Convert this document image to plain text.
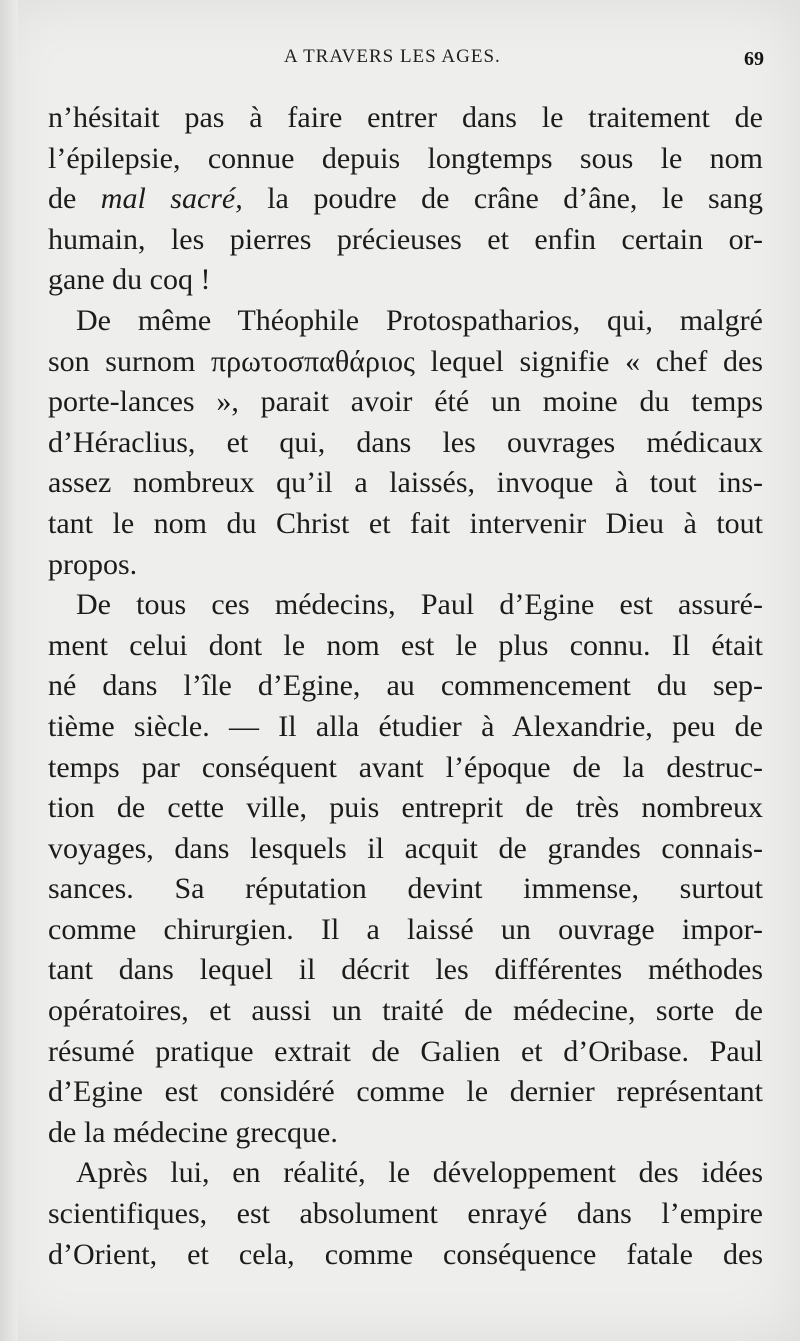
A TRAVERS LES AGES.	69
n’hésitait pas à faire entrer dans le traitement de
l’épilepsie, connue depuis longtemps sous le nom
de mal sacré, la poudre de crâne d’âne, le sang
humain, les pierres précieuses et enfin certain or-
gane du coq !
De même Théophile Protospatharios, qui, malgré
son surnom πρωτοσπαθάριος lequel signifie « chef des
porte-lances », parait avoir été un moine du temps
d’Héraclius, et qui, dans les ouvrages médicaux
assez nombreux qu’il a laissés, invoque à tout ins-
tant le nom du Christ et fait intervenir Dieu à tout
propos.
De tous ces médecins, Paul d’Egine est assuré-
ment celui dont le nom est le plus connu. Il était
né dans l’île d’Egine, au commencement du sep-
tième siècle. — Il alla étudier à Alexandrie, peu de
temps par conséquent avant l’époque de la destruc-
tion de cette ville, puis entreprit de très nombreux
voyages, dans lesquels il acquit de grandes connais-
sances. Sa réputation devint immense, surtout
comme chirurgien. Il a laissé un ouvrage impor-
tant dans lequel il décrit les différentes méthodes
opératoires, et aussi un traité de médecine, sorte de
résumé pratique extrait de Galien et d’Oribase. Paul
d’Egine est considéré comme le dernier représentant
de la médecine grecque.
Après lui, en réalité, le développement des idées
scientifiques, est absolument enrayé dans l’empire
d’Orient, et cela, comme conséquence fatale des
